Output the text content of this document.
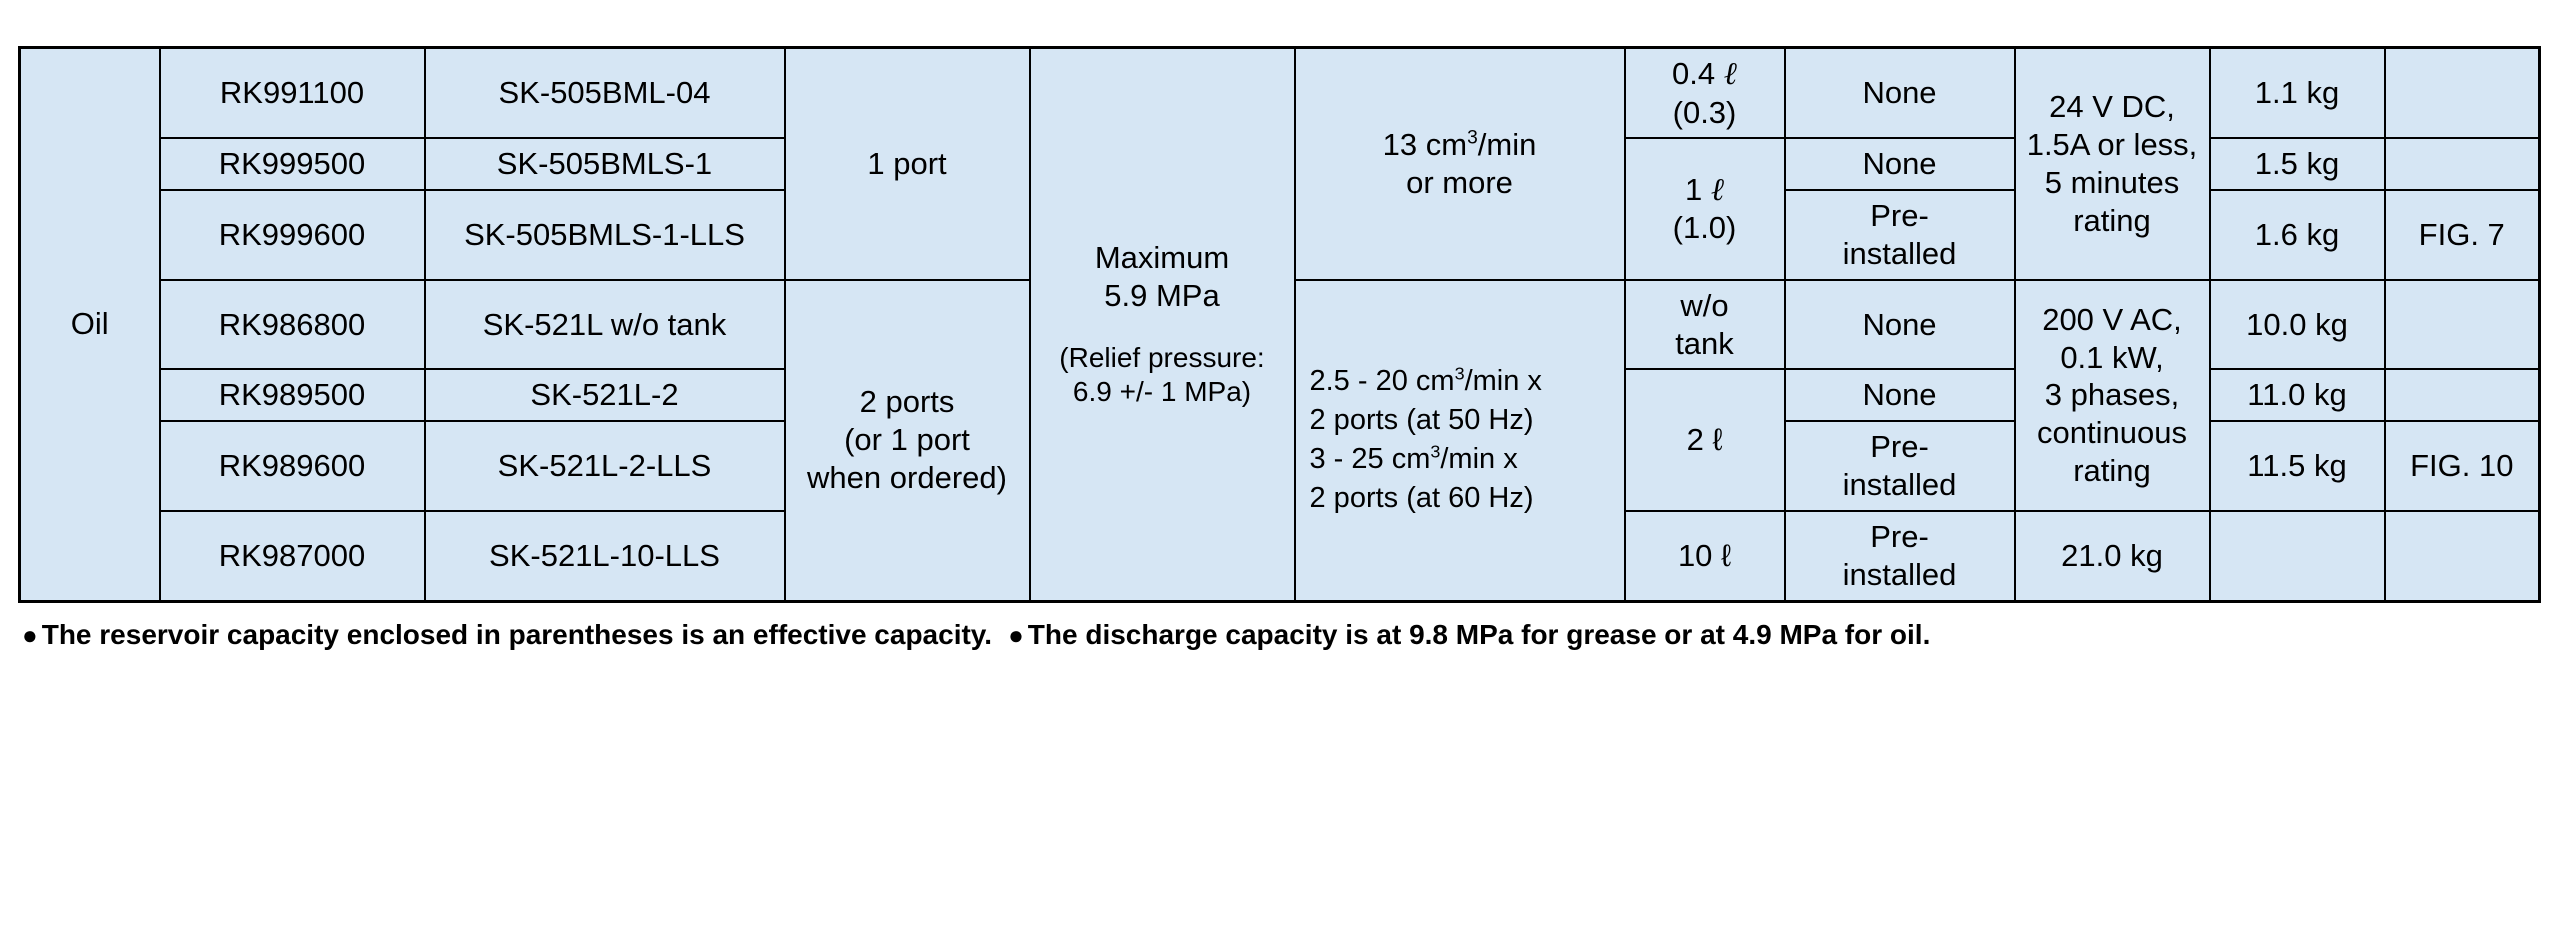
Oil	RK991100	SK-505BML-04	1 port	Maximum
5.9 MPa
(Relief pressure:
6.9 +/- 1 MPa)	13 $cm^3/\min$
or more	0.4 ℓ
(0.3)	None	24 V DC,
1.5A or less,
5 minutes
rating	1.1 kg	
	RK999500	SK-505BMLS-1				1 ℓ
(1.0)	None		1.5 kg	
	RK999600	SK-505BMLS-1-LLS					Pre-
installed		1.6 kg	FIG. 7
	RK986800	SK-521L w/o tank	2 ports
(or 1 port
when ordered)		2.5 - 20 $cm^3/\min$ x
2 ports (at 50 Hz)
3 - 25 $cm^3/\min$ x
2 ports (at 60 Hz)	w/o
tank	None	200 V AC,
0.1 kW,
3 phases,
continuous
rating	10.0 kg	
	RK989500	SK-521L-2				2 ℓ	None		11.0 kg	
	RK989600	SK-521L-2-LLS					Pre-
installed		11.5 kg	FIG. 10
	RK987000	SK-521L-10-LLS				10 ℓ	Pre-
installed	21.0 kg		
● The reservoir capacity enclosed in parentheses is an effective capacity. ● The discharge capacity is at 9.8 MPa for grease or at 4.9 MPa for oil.
